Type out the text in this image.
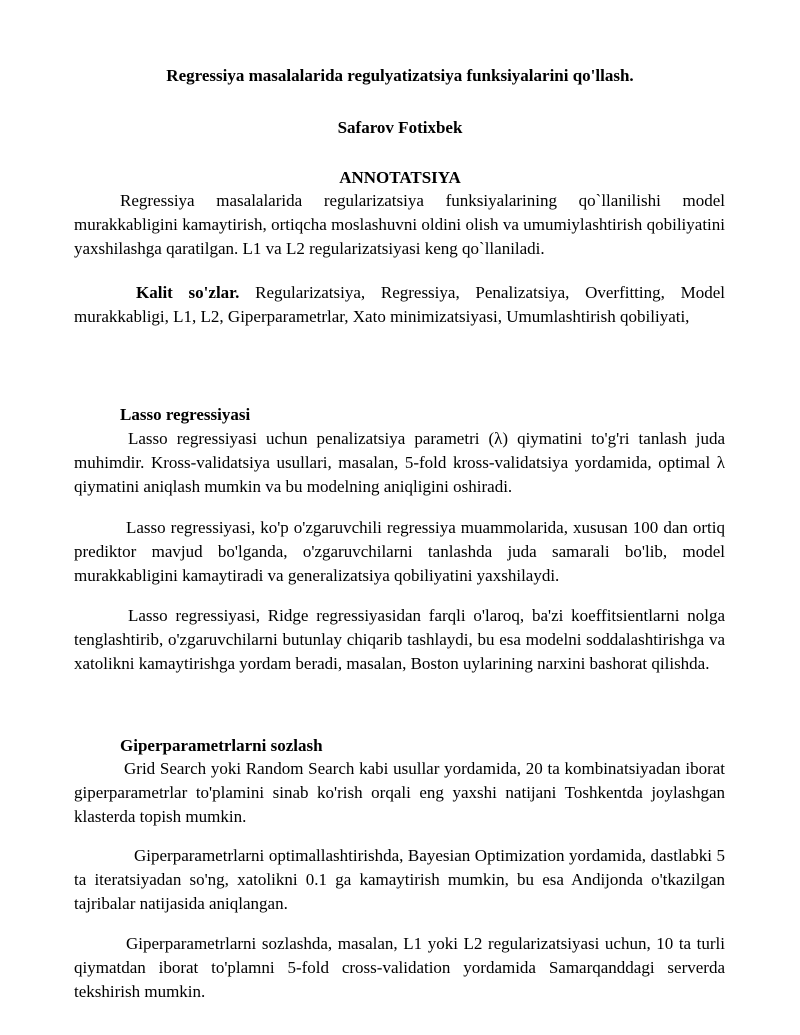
Regressiya masalalarida regulyatizatsiya funksiyalarini qo'llash.
Safarov Fotixbek
ANNOTATSIYA
Regressiya masalalarida regularizatsiya funksiyalarining qo`llanilishi model murakkabligini kamaytirish, ortiqcha moslashuvni oldini olish va umumiylashtirish qobiliyatini yaxshilashga qaratilgan. L1 va L2 regularizatsiyasi keng qo`llaniladi.
Kalit so'zlar. Regularizatsiya, Regressiya, Penalizatsiya, Overfitting, Model murakkabligi, L1, L2, Giperparametrlar, Xato minimizatsiyasi, Umumlashtirish qobiliyati,
Lasso regressiyasi
Lasso regressiyasi uchun penalizatsiya parametri (λ) qiymatini to'g'ri tanlash juda muhimdir. Kross-validatsiya usullari, masalan, 5-fold kross-validatsiya yordamida, optimal λ qiymatini aniqlash mumkin va bu modelning aniqligini oshiradi.
Lasso regressiyasi, ko'p o'zgaruvchili regressiya muammolarida, xususan 100 dan ortiq prediktor mavjud bo'lganda, o'zgaruvchilarni tanlashda juda samarali bo'lib, model murakkabligini kamaytiradi va generalizatsiya qobiliyatini yaxshilaydi.
Lasso regressiyasi, Ridge regressiyasidan farqli o'laroq, ba'zi koeffitsientlarni nolga tenglashtirib, o'zgaruvchilarni butunlay chiqarib tashlaydi, bu esa modelni soddalashtirishga va xatolikni kamaytirishga yordam beradi, masalan, Boston uylarining narxini bashorat qilishda.
Giperparametrlarni sozlash
Grid Search yoki Random Search kabi usullar yordamida, 20 ta kombinatsiyadan iborat giperparametrlar to'plamini sinab ko'rish orqali eng yaxshi natijani Toshkentda joylashgan klasterda topish mumkin.
Giperparametrlarni optimallashtirishda, Bayesian Optimization yordamida, dastlabki 5 ta iteratsiyadan so'ng, xatolikni 0.1 ga kamaytirish mumkin, bu esa Andijonda o'tkazilgan tajribalar natijasida aniqlangan.
Giperparametrlarni sozlashda, masalan, L1 yoki L2 regularizatsiyasi uchun, 10 ta turli qiymatdan iborat to'plamni 5-fold cross-validation yordamida Samarqanddagi serverda tekshirish mumkin.
